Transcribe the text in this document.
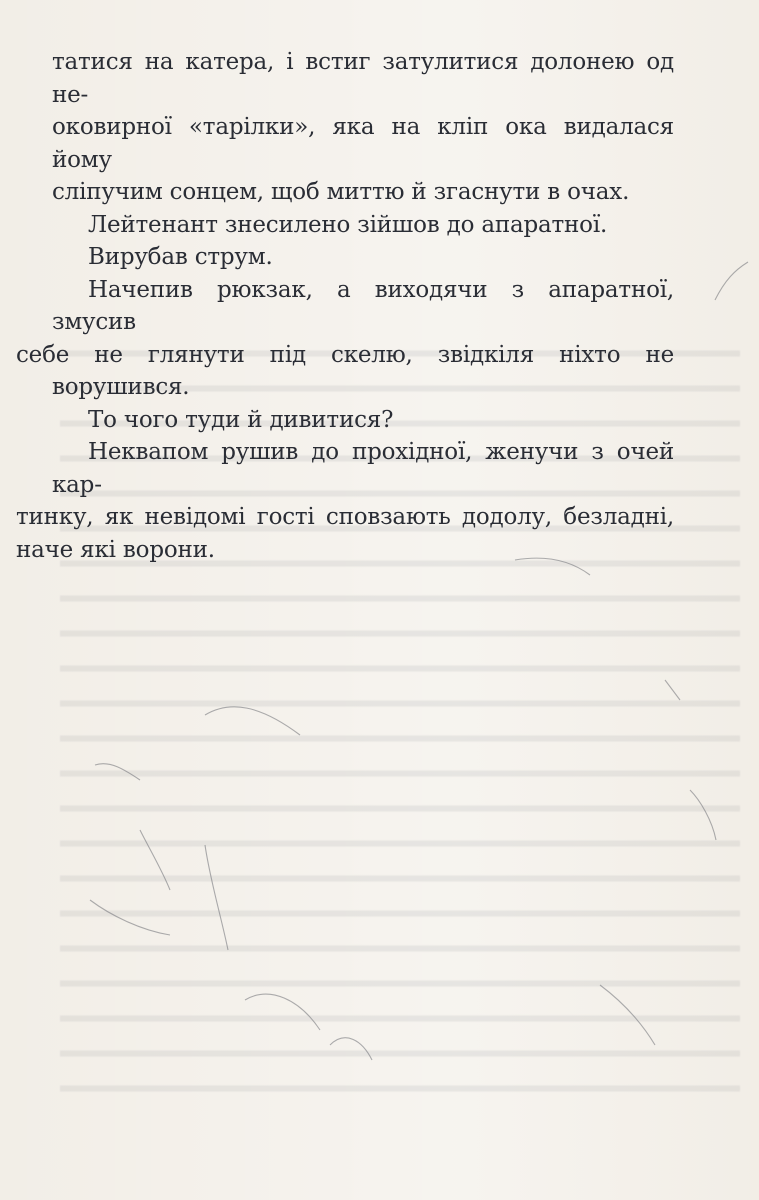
татися на катера, і встиг затулитися долонею од не-
оковирної «тарілки», яка на кліп ока видалася йому
сліпучим сонцем, щоб миттю й згаснути в очах.

Лейтенант знесилено зійшов до апаратної.

Вирубав струм.

Начепив рюкзак, а виходячи з апаратної, змусив
себе не глянути під скелю, звідкіля ніхто не ворушився.

То чого туди й дивитися?

Неквапом рушив до прохідної, женучи з очей кар-
тинку, як невідомі гості сповзають додолу, безладні,
наче які ворони.
